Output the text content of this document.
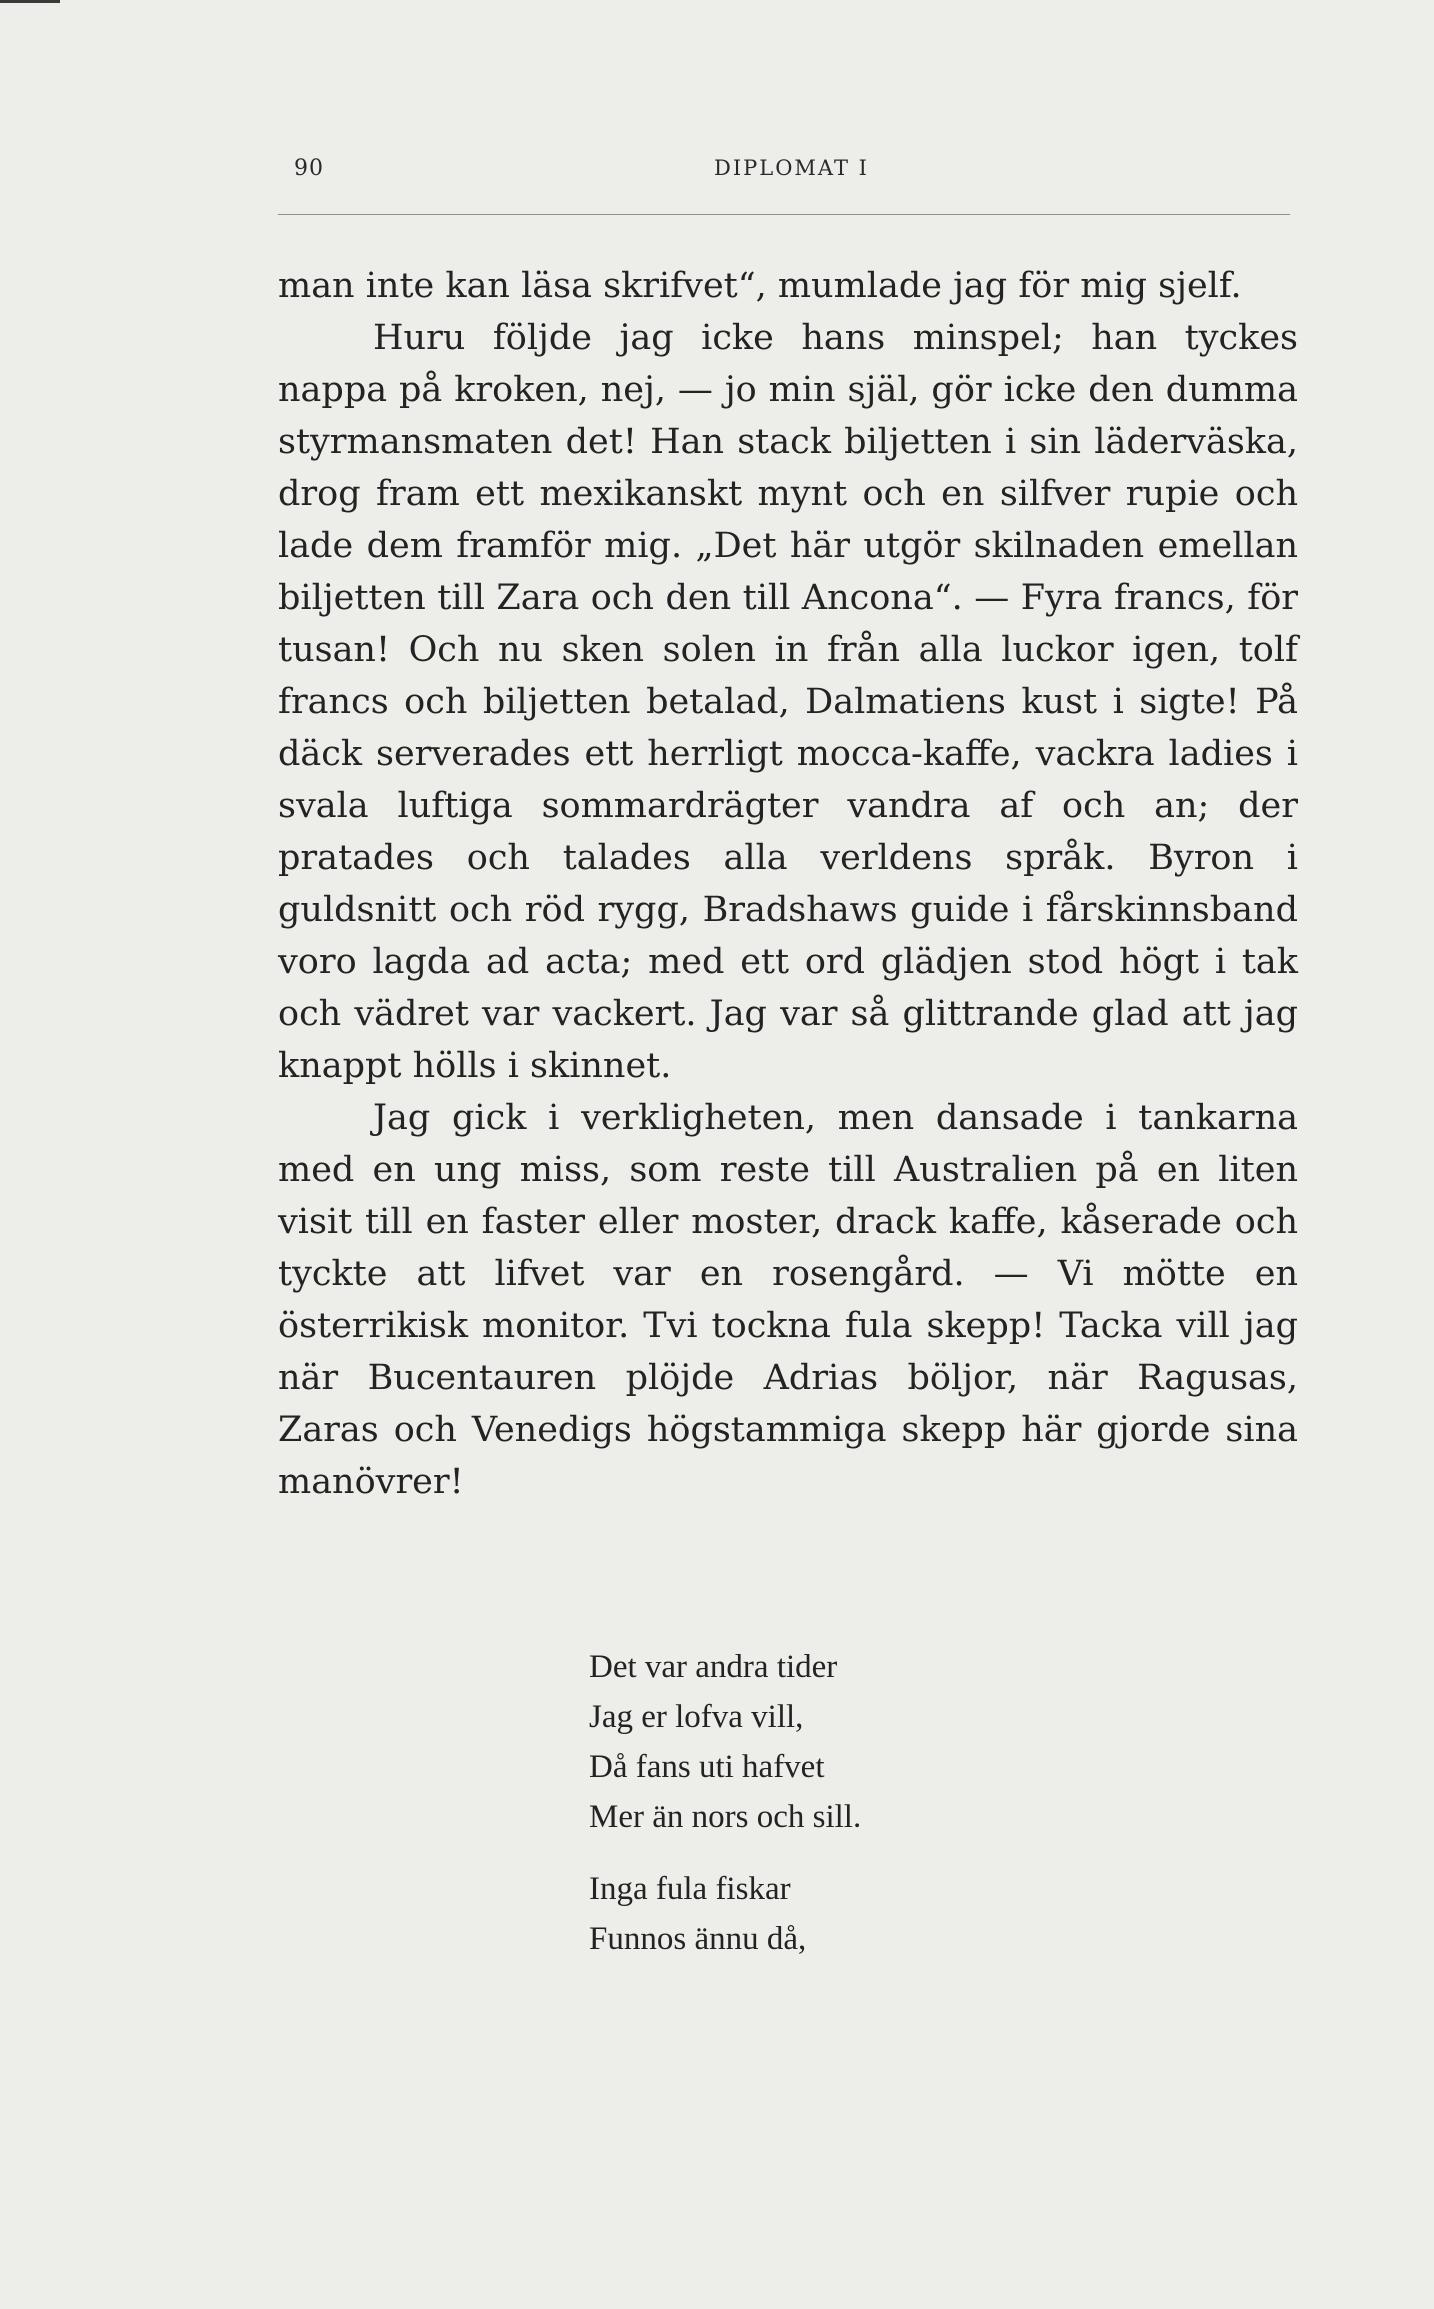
90	DIPLOMAT I

man inte kan läsa skrifvet“, mumlade jag för mig sjelf.

Huru följde jag icke hans minspel; han tyckes nappa på kroken, nej, — jo min själ, gör icke den dumma styrmansmaten det! Han stack biljetten i sin läderväska, drog fram ett mexikanskt mynt och en silfver rupie och lade dem framför mig. „Det här utgör skilnaden emellan biljetten till Zara och den till Ancona“. — Fyra francs, för tusan! Och nu sken solen in från alla luckor igen, tolf francs och biljetten betalad, Dalmatiens kust i sigte! På däck serverades ett herrligt mocca-kaffe, vackra ladies i svala luftiga sommardrägter vandra af och an; der pratades och talades alla verldens språk. Byron i guldsnitt och röd rygg, Bradshaws guide i fårskinnsband voro lagda ad acta; med ett ord glädjen stod högt i tak och vädret var vackert. Jag var så glittrande glad att jag knappt hölls i skinnet.

Jag gick i verkligheten, men dansade i tankarna med en ung miss, som reste till Australien på en liten visit till en faster eller moster, drack kaffe, kåserade och tyckte att lifvet var en rosengård. — Vi mötte en österrikisk monitor. Tvi tockna fula skepp! Tacka vill jag när Bucentauren plöjde Adrias böljor, när Ragusas, Zaras och Venedigs högstammiga skepp här gjorde sina manövrer!

Det var andra tider
Jag er lofva vill,
Då fans uti hafvet
Mer än nors och sill.
Inga fula fiskar
Funnos ännu då,
